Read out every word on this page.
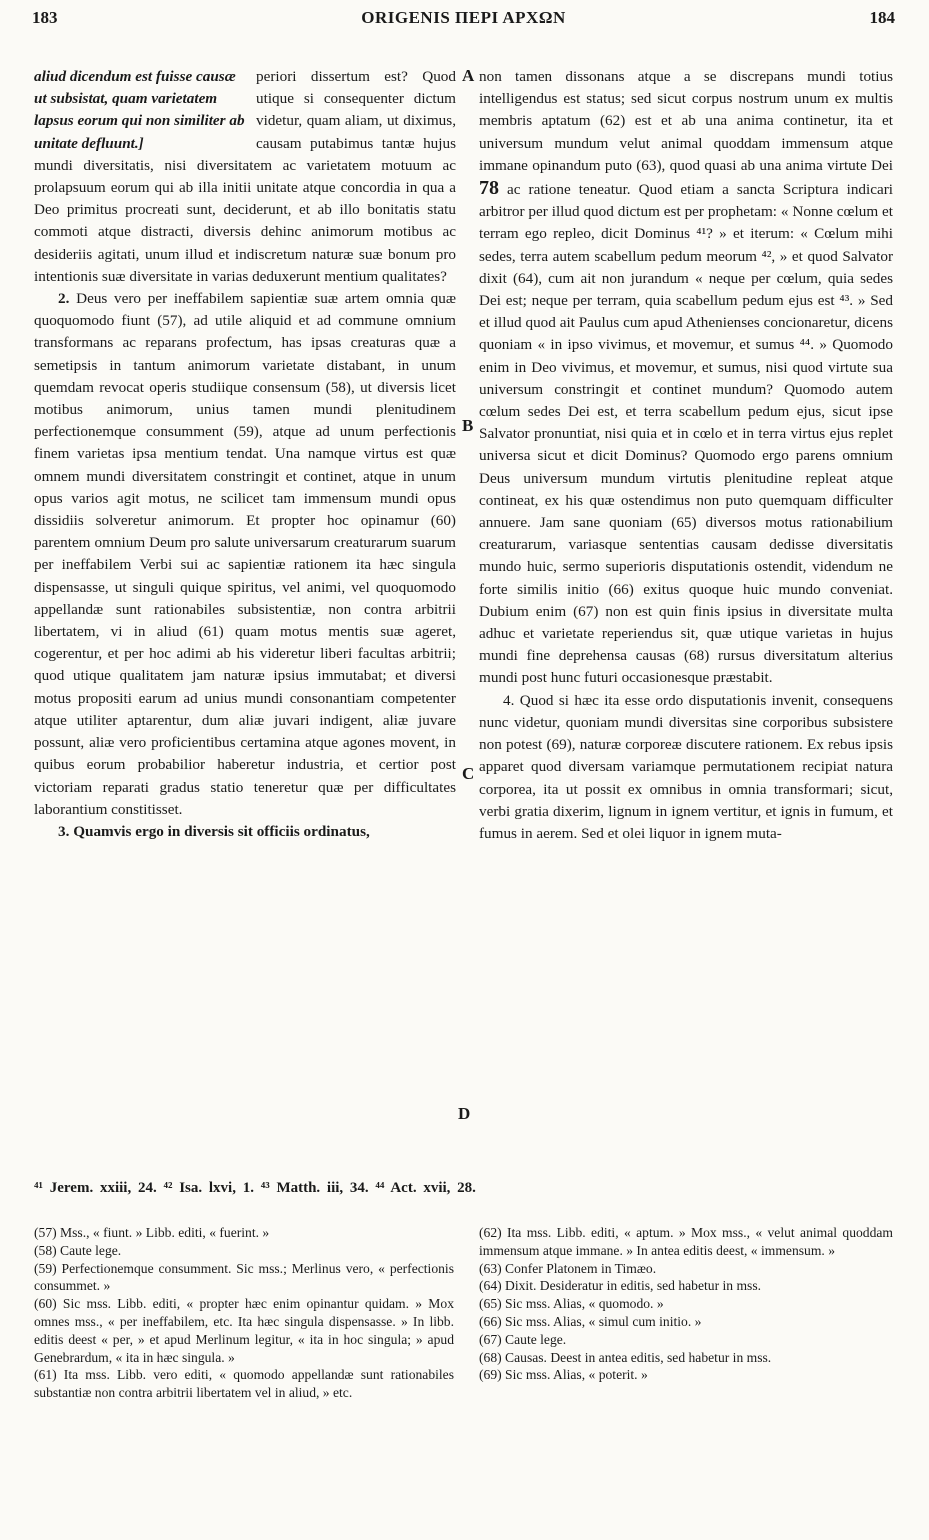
183	ORIGENIS ΠΕΡΙ ΑΡΧΩΝ	184
aliud dicendum est fuisse causæ ut subsistat, quam varietatem lapsus eorum qui non similiter ab unitate defluunt.]

periori dissertum est? Quod utique si consequenter dictum videtur, quam aliam, ut diximus, causam putabimus tantæ hujus mundi diversitatis, nisi diversitatem ac varietatem motuum ac prolapsuum eorum qui ab illa initii unitate atque concordia in qua a Deo primitus procreati sunt, deciderunt, et ab illo bonitatis statu commoti atque distracti, diversis dehinc animorum motibus ac desideriis agitati, unum illud et indiscretum naturæ suæ bonum pro intentionis suæ diversitate in varias deduxerunt mentium qualitates?

2. Deus vero per ineffabilem sapientiæ suæ artem omnia quæ quoquomodo fiunt (57), ad utile aliquid et ad commune omnium transformans ac reparans profectum, has ipsas creaturas quæ a semetipsis in tantum animorum varietate distabant, in unum quemdam revocat operis studiique consensum (58), ut diversis licet motibus animorum, unius tamen mundi plenitudinem perfectionemque consumment (59), atque ad unum perfectionis finem varietas ipsa mentium tendat. Una namque virtus est quæ omnem mundi diversitatem constringit et continet, atque in unum opus varios agit motus, ne scilicet tam immensum mundi opus dissidiis solveretur animorum. Et propter hoc opinamur (60) parentem omnium Deum pro salute universarum creaturarum suarum per ineffabilem Verbi sui ac sapientiæ rationem ita hæc singula dispensasse, ut singuli quique spiritus, vel animi, vel quoquomodo appellandæ sunt rationabiles subsistentiæ, non contra arbitrii libertatem, vi in aliud (61) quam motus mentis suæ ageret, cogerentur, et per hoc adimi ab his videretur liberi facultas arbitrii; quod utique qualitatem jam naturæ ipsius immutabat; et diversi motus propositi earum ad unius mundi consonantiam competenter atque utiliter aptarentur, dum aliæ juvari indigent, aliæ juvare possunt, aliæ vero proficientibus certamina atque agones movent, in quibus eorum probabilior haberetur industria, et certior post victoriam reparati gradus statio teneretur quæ per difficultates laborantium constitisset.

3. Quamvis ergo in diversis sit officiis ordinatus,

A
B
C
D

non tamen dissonans atque a se discrepans mundi totius intelligendus est status; sed sicut corpus nostrum unum ex multis membris aptatum (62) est et ab una anima continetur, ita et universum mundum velut animal quoddam immensum atque immane opinandum puto (63), quod quasi ab una anima virtute Dei 78 ac ratione teneatur. Quod etiam a sancta Scriptura indicari arbitror per illud quod dictum est per prophetam: « Nonne cœlum et terram ego repleo, dicit Dominus ⁴¹? » et iterum: « Cœlum mihi sedes, terra autem scabellum pedum meorum ⁴², » et quod Salvator dixit (64), cum ait non jurandum « neque per cœlum, quia sedes Dei est; neque per terram, quia scabellum pedum ejus est ⁴³. » Sed et illud quod ait Paulus cum apud Athenienses concionaretur, dicens quoniam « in ipso vivimus, et movemur, et sumus ⁴⁴. » Quomodo enim in Deo vivimus, et movemur, et sumus, nisi quod virtute sua universum constringit et continet mundum? Quomodo autem cœlum sedes Dei est, et terra scabellum pedum ejus, sicut ipse Salvator pronuntiat, nisi quia et in cœlo et in terra virtus ejus replet universa sicut et dicit Dominus? Quomodo ergo parens omnium Deus universum mundum virtutis plenitudine repleat atque contineat, ex his quæ ostendimus non puto quemquam difficulter annuere. Jam sane quoniam (65) diversos motus rationabilium creaturarum, variasque sententias causam dedisse diversitatis mundo huic, sermo superioris disputationis ostendit, videndum ne forte similis initio (66) exitus quoque huic mundo conveniat. Dubium enim (67) non est quin finis ipsius in diversitate multa adhuc et varietate reperiendus sit, quæ utique varietas in hujus mundi fine deprehensa causas (68) rursus diversitatum alterius mundi post hunc futuri occasionesque præstabit.

4. Quod si hæc ita esse ordo disputationis invenit, consequens nunc videtur, quoniam mundi diversitas sine corporibus subsistere non potest (69), naturæ corporeæ discutere rationem. Ex rebus ipsis apparet quod diversam variamque permutationem recipiat natura corporea, ita ut possit ex omnibus in omnia transformari; sicut, verbi gratia dixerim, lignum in ignem vertitur, et ignis in fumum, et fumus in aerem. Sed et olei liquor in ignem muta-

⁴¹ Jerem. xxiii, 24. ⁴² Isa. lxvi, 1. ⁴³ Matth. iii, 34. ⁴⁴ Act. xvii, 28.

(57) Mss., « fiunt. » Libb. editi, « fuerint. »

(58) Caute lege.

(59) Perfectionemque consumment. Sic mss.; Merlinus vero, « perfectionis consummet. »

(60) Sic mss. Libb. editi, « propter hæc enim opinantur quidam. » Mox omnes mss., « per ineffabilem, etc. Ita hæc singula dispensasse. » In libb. editis deest « per, » et apud Merlinum legitur, « ita in hoc singula; » apud Genebrardum, « ita in hæc singula. »

(61) Ita mss. Libb. vero editi, « quomodo appellandæ sunt rationabiles substantiæ non contra arbitrii libertatem vel in aliud, » etc.

(62) Ita mss. Libb. editi, « aptum. » Mox mss., « velut animal quoddam immensum atque immane. » In antea editis deest, « immensum. »

(63) Confer Platonem in Timæo.

(64) Dixit. Desideratur in editis, sed habetur in mss.

(65) Sic mss. Alias, « quomodo. »

(66) Sic mss. Alias, « simul cum initio. »

(67) Caute lege.

(68) Causas. Deest in antea editis, sed habetur in mss.

(69) Sic mss. Alias, « poterit. »
